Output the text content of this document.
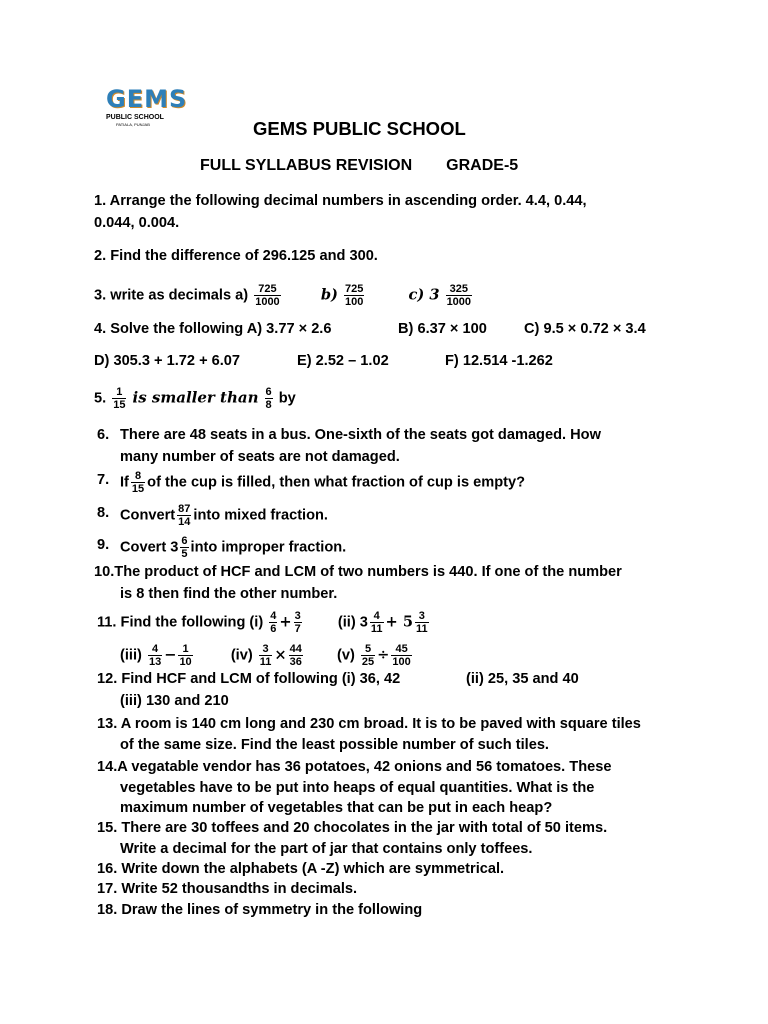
GEMS
PUBLIC SCHOOL
PATIALA, PUNJAB	GEMS PUBLIC SCHOOL
FULL SYLLABUS REVISION GRADE-5
1. Arrange the following decimal numbers in ascending order. 4.4, 0.44,
0.044, 0.004.
2. Find the difference of 296.125 and 300.
3. write as decimals $a) \frac{725}{1000}$	$b) \frac{725}{100}$	c) $3 \frac{325}{1000}$
4. Solve the following A) 3.77 × 2.6	B) 6.37 × 100	C) 9.5 × 0.72 × 3.4
D) 305.3 + 1.72 + 6.07	E) 2.52 – 1.02	F) 12.514 -1.262
5. $\frac{1}{15}$ is smaller than $\frac{6}{8}$ by
6. There are 48 seats in a bus. One-sixth of the seats got damaged. How
many number of seats are not damaged.
7. If $\frac{8}{15}$ of the cup is filled, then what fraction of cup is empty?
8. Convert $\frac{87}{14}$ into mixed fraction.
9. Covert $3 \frac{6}{5}$ into improper fraction.
10.The product of HCF and LCM of two numbers is 440. If one of the number
is 8 then find the other number.
11. Find the following $(i) \frac{4}{6} + \frac{3}{7} (ii)$ $3 \frac{4}{11} + 5 \frac{3}{11}$
$(iii) \frac{4}{13} - \frac{1}{10}$	$(iv) \frac{3}{11} \times \frac{44}{36} (v) \frac{5}{25} \div \frac{45}{100}$
12. Find HCF and LCM of following (i) 36, 42	(ii) 25, 35 and 40
(iii) 130 and 210
13. A room is 140 cm long and 230 cm broad. It is to be paved with square tiles
of the same size. Find the least possible number of such tiles.
14.A vegatable vendor has 36 potatoes, 42 onions and 56 tomatoes. These
vegetables have to be put into heaps of equal quantities. What is the
maximum number of vegetables that can be put in each heap?
15. There are 30 toffees and 20 chocolates in the jar with total of 50 items.
Write a decimal for the part of jar that contains only toffees.
16. Write down the alphabets (A -Z) which are symmetrical.
17. Write 52 thousandths in decimals.
18. Draw the lines of symmetry in the following
